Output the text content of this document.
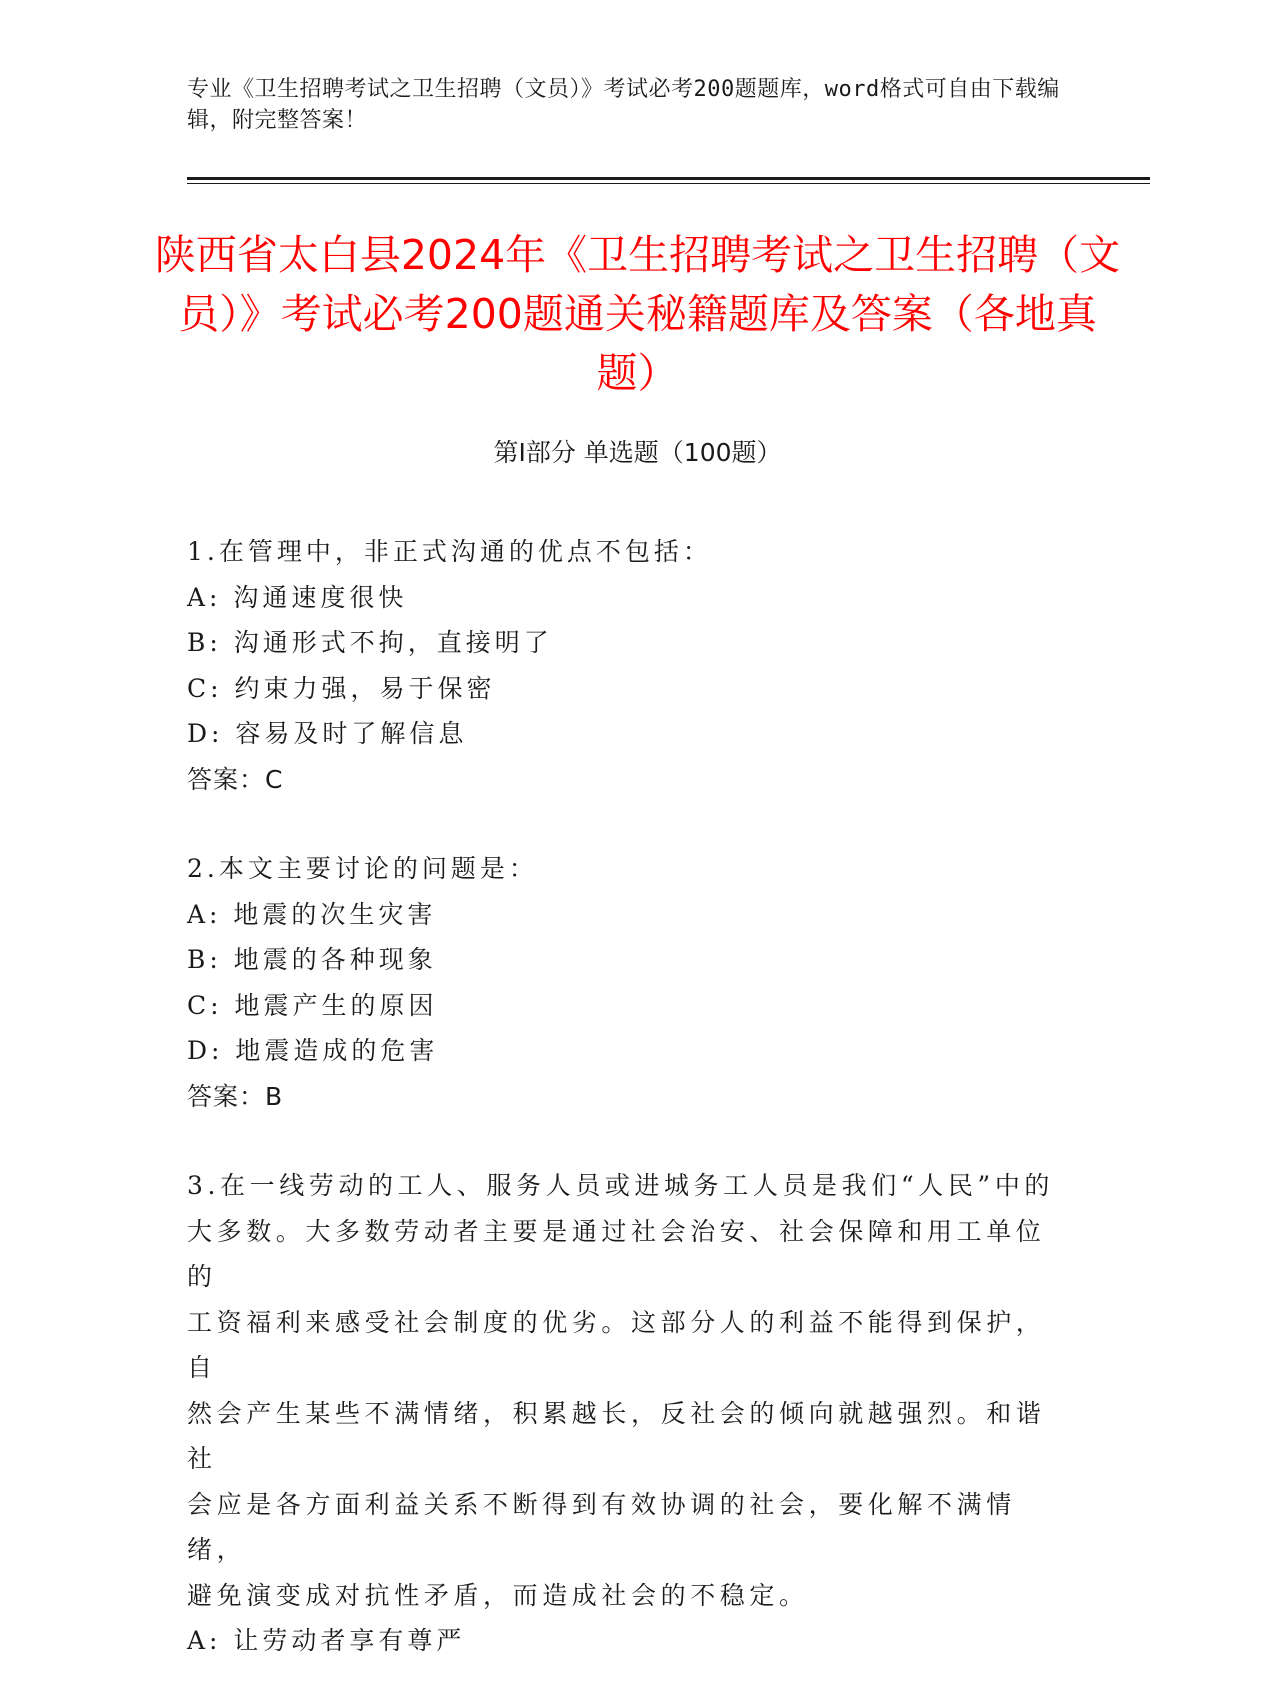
专业《卫生招聘考试之卫生招聘（文员）》考试必考200题题库，word格式可自由下载编辑，附完整答案！
陕西省太白县2024年《卫生招聘考试之卫生招聘（文员）》考试必考200题通关秘籍题库及答案（各地真题）
第Ⅰ部分 单选题（100题）

1.在管理中，非正式沟通的优点不包括：

A: 沟通速度很快

B: 沟通形式不拘，直接明了

C: 约束力强，易于保密

D: 容易及时了解信息

答案：C

2.本文主要讨论的问题是：

A: 地震的次生灾害

B: 地震的各种现象

C: 地震产生的原因

D: 地震造成的危害

答案：B

3.在一线劳动的工人、服务人员或进城务工人员是我们“人民”中的

大多数。大多数劳动者主要是通过社会治安、社会保障和用工单位的

工资福利来感受社会制度的优劣。这部分人的利益不能得到保护，自

然会产生某些不满情绪，积累越长，反社会的倾向就越强烈。和谐社

会应是各方面利益关系不断得到有效协调的社会，要化解不满情绪，

避免演变成对抗性矛盾，而造成社会的不稳定。

A: 让劳动者享有尊严
